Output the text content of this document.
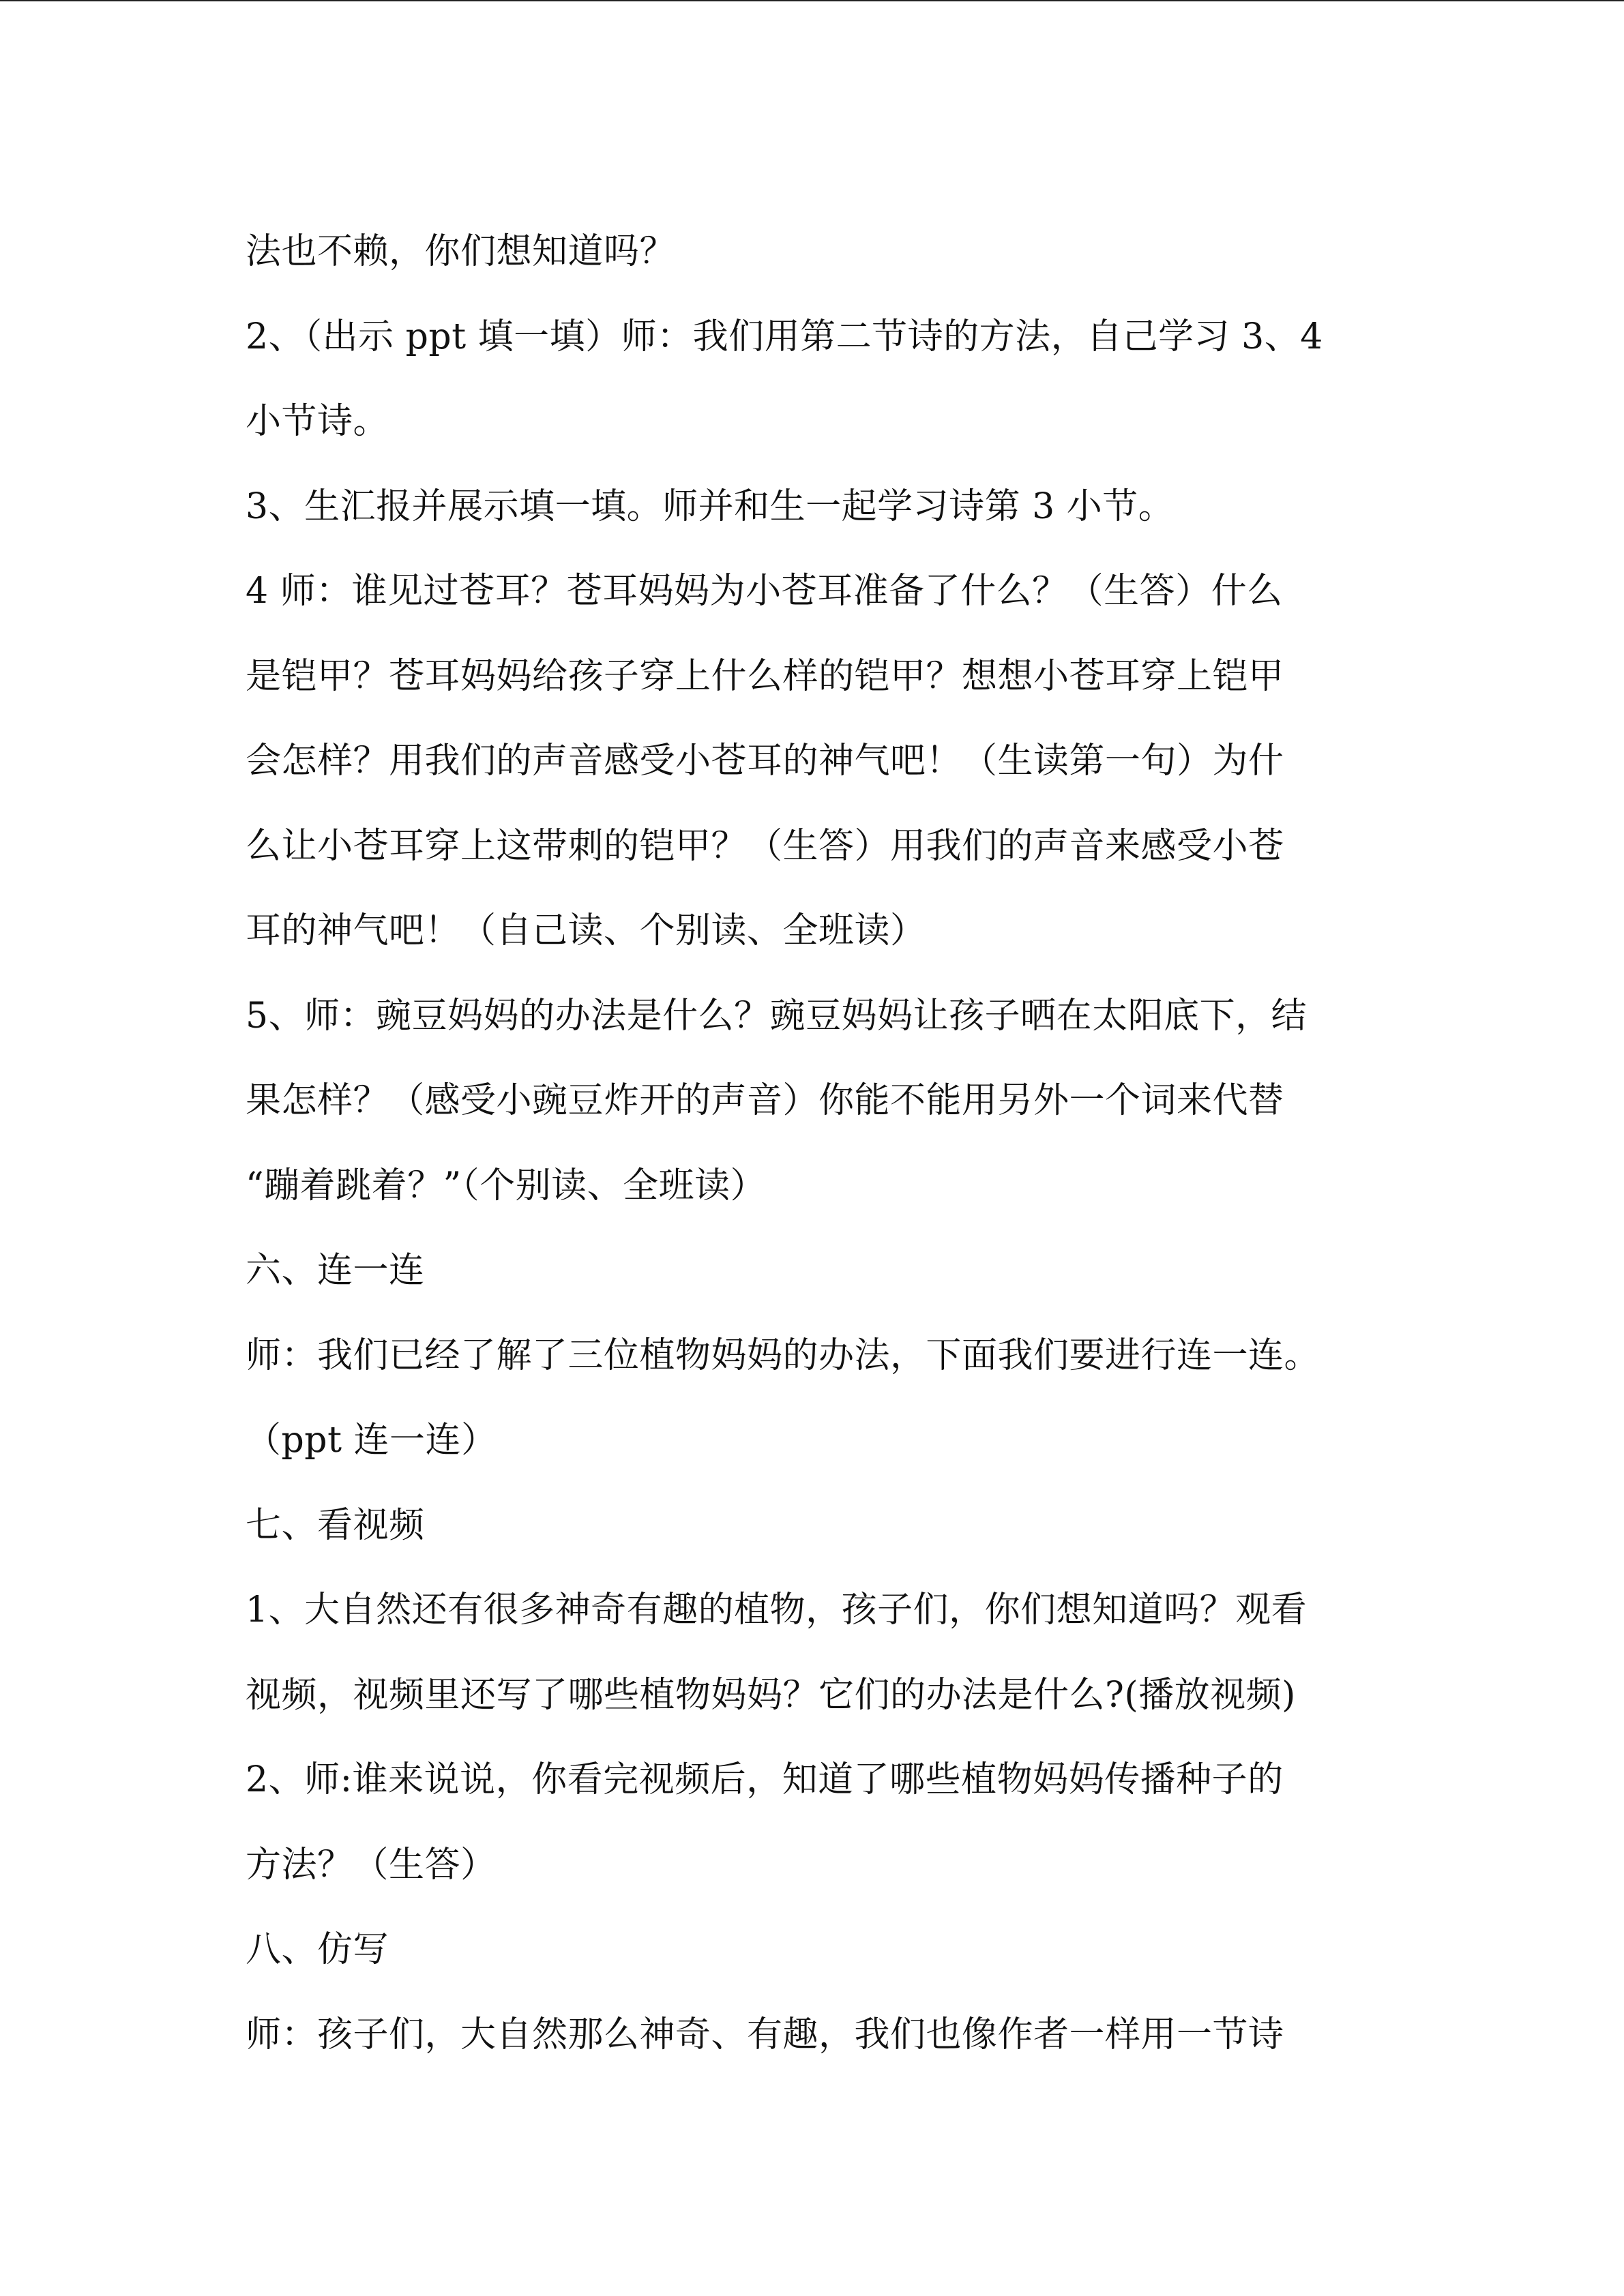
法也不赖，你们想知道吗？
2、（出示 ppt 填一填）师：我们用第二节诗的方法，自己学习 3、4
小节诗。
3、生汇报并展示填一填。师并和生一起学习诗第 3 小节。
4 师：谁见过苍耳？苍耳妈妈为小苍耳准备了什么？（生答）什么
是铠甲？苍耳妈妈给孩子穿上什么样的铠甲？想想小苍耳穿上铠甲
会怎样？用我们的声音感受小苍耳的神气吧！（生读第一句）为什
么让小苍耳穿上这带刺的铠甲？（生答）用我们的声音来感受小苍
耳的神气吧！（自己读、个别读、全班读）
5、师：豌豆妈妈的办法是什么？豌豆妈妈让孩子晒在太阳底下，结
果怎样？（感受小豌豆炸开的声音）你能不能用另外一个词来代替
“蹦着跳着？”（个别读、全班读）
六、连一连
师：我们已经了解了三位植物妈妈的办法，下面我们要进行连一连。
（ppt 连一连）
七、看视频
1、大自然还有很多神奇有趣的植物，孩子们，你们想知道吗？观看
视频，视频里还写了哪些植物妈妈？它们的办法是什么?(播放视频)
2、师:谁来说说，你看完视频后，知道了哪些植物妈妈传播种子的
方法？（生答）
八、仿写
师：孩子们，大自然那么神奇、有趣，我们也像作者一样用一节诗
